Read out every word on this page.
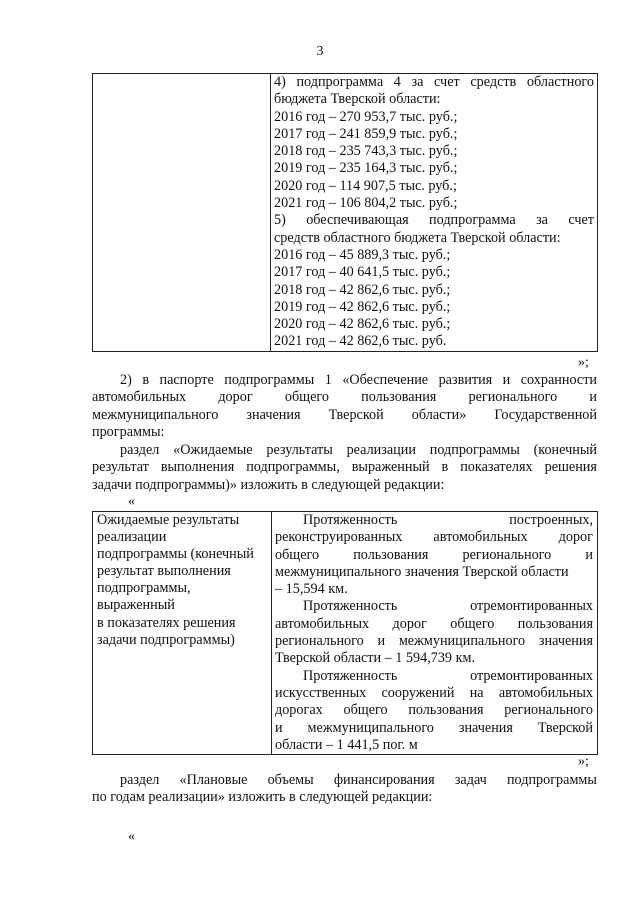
3

4) подпрограмма 4 за счет средств областного
бюджета Тверской области:
2016 год – 270 953,7 тыс. руб.;
2017 год – 241 859,9 тыс. руб.;
2018 год – 235 743,3 тыс. руб.;
2019 год – 235 164,3 тыс. руб.;
2020 год – 114 907,5 тыс. руб.;
2021 год – 106 804,2 тыс. руб.;
5) обеспечивающая подпрограмма за счет
средств областного бюджета Тверской области:
2016 год – 45 889,3 тыс. руб.;
2017 год – 40 641,5 тыс. руб.;
2018 год – 42 862,6 тыс. руб.;
2019 год – 42 862,6 тыс. руб.;
2020 год – 42 862,6 тыс. руб.;
2021 год – 42 862,6 тыс. руб.
»;
2) в паспорте подпрограммы 1 «Обеспечение развития и сохранности
автомобильных дорог общего пользования регионального и
межмуниципального значения Тверской области» Государственной
программы:
раздел «Ожидаемые результаты реализации подпрограммы (конечный
результат выполнения подпрограммы, выраженный в показателях решения
задачи подпрограммы)» изложить в следующей редакции:
«
Ожидаемые результаты
реализации
подпрограммы (конечный
результат выполнения
подпрограммы,
выраженный
в показателях решения
задачи подпрограммы)

Протяженность	построенных,
реконструированных автомобильных дорог
общего пользования регионального и
межмуниципального значения Тверской области
– 15,594 км.
Протяженность	отремонтированных
автомобильных дорог общего пользования
регионального и межмуниципального значения
Тверской области – 1 594,739 км.
Протяженность	отремонтированных
искусственных сооружений на автомобильных
дорогах общего пользования регионального
и межмуниципального значения Тверской
области – 1 441,5 пог. м
»;
раздел «Плановые объемы финансирования задач подпрограммы
по годам реализации» изложить в следующей редакции:
«
